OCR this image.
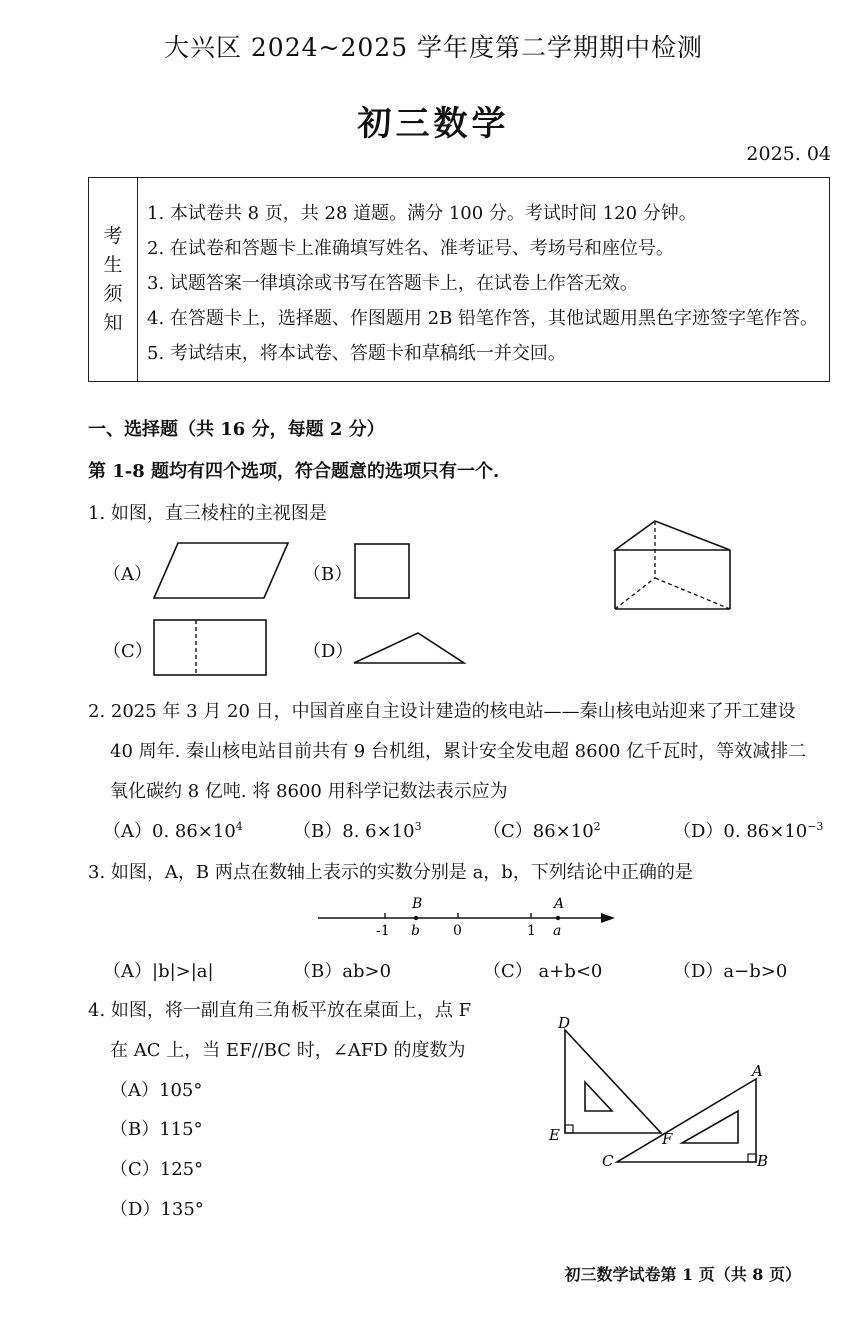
大兴区 2024~2025 学年度第二学期期中检测
初三数学
2025. 04
考
生
须
知
1. 本试卷共 8 页，共 28 道题。满分 100 分。考试时间 120 分钟。
2. 在试卷和答题卡上准确填写姓名、准考证号、考场号和座位号。
3. 试题答案一律填涂或书写在答题卡上，在试卷上作答无效。
4. 在答题卡上，选择题、作图题用 2B 铅笔作答，其他试题用黑色字迹签字笔作答。
5. 考试结束，将本试卷、答题卡和草稿纸一并交回。
一、选择题（共 16 分，每题 2 分）
第 1-8 题均有四个选项，符合题意的选项只有一个.
1. 如图，直三棱柱的主视图是
（A）	（B）
（C）	（D）
-1 b 0	1 a
B	A
D
A
E	F
C	B
2. 2025 年 3 月 20 日，中国首座自主设计建造的核电站——秦山核电站迎来了开工建设
40 周年. 秦山核电站目前共有 9 台机组，累计安全发电超 8600 亿千瓦时，等效减排二
氧化碳约 8 亿吨. 将 8600 用科学记数法表示应为
（A）0. $86\times 10^4$	（B）8. $6\times 10^3$	$(C)86\times 10^2$	（D）0. $86\times 10^{-3}$
3. 如图，A，B 两点在数轴上表示的实数分别是 a，b，下列结论中正确的是
（A）|b|>|a|	（B）ab>0	（C） a+b<0	（D）a−b>0
4. 如图，将一副直角三角板平放在桌面上，点 F
在 AC 上，当 EF//BC 时，∠AFD 的度数为
（A）105°
（B）115°
（C）125°
（D）135°
初三数学试卷第 1 页（共 8 页）
